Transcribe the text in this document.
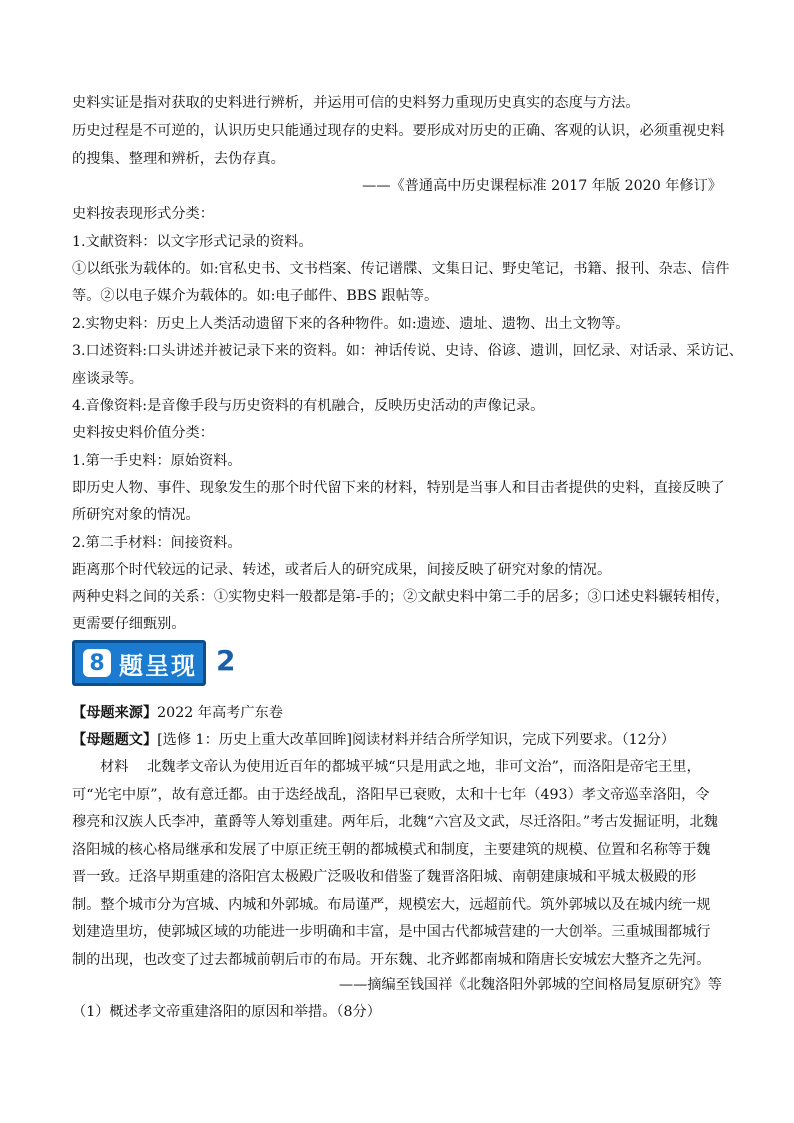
史料实证是指对获取的史料进行辨析，并运用可信的史料努力重现历史真实的态度与方法。
历史过程是不可逆的，认识历史只能通过现存的史料。要形成对历史的正确、客观的认识，必须重视史料
的搜集、整理和辨析，去伪存真。
——《普通高中历史课程标准 2017 年版 2020 年修订》
史料按表现形式分类：
1.文献资料：以文字形式记录的资料。
①以纸张为载体的。如:官私史书、文书档案、传记谱牒、文集日记、野史笔记，书籍、报刊、杂志、信件
等。②以电子媒介为载体的。如:电子邮件、BBS 跟帖等。
2.实物史料：历史上人类活动遗留下来的各种物件。如:遗迹、遗址、遗物、出土文物等。
3.口述资料:口头讲述并被记录下来的资料。如：神话传说、史诗、俗谚、遗训，回忆录、对话录、采访记、
座谈录等。
4.音像资料:是音像手段与历史资料的有机融合，反映历史活动的声像记录。
史料按史料价值分类：
1.第一手史料：原始资料。
即历史人物、事件、现象发生的那个时代留下来的材料，特别是当事人和目击者提供的史料，直接反映了
所研究对象的情况。
2.第二手材料：间接资料。
距离那个时代较远的记录、转述，或者后人的研究成果，间接反映了研究对象的情况。
两种史料之间的关系：①实物史料一般都是第-手的；②文献史料中第二手的居多；③口述史料辗转相传，
更需要仔细甄别。
8 题呈现 2
【母题来源】2022 年高考广东卷
【母题题文】[选修 1：历史上重大改革回眸]阅读材料并结合所学知识，完成下列要求。（12分）
材料　 北魏孝文帝认为使用近百年的都城平城“只是用武之地，非可文治”，而洛阳是帝宅王里，可“光宅中原”，故有意迁都。由于迭经战乱，洛阳早已衰败，太和十七年（493）孝文帝巡幸洛阳，令穆亮和汉族人氏李冲，董爵等人筹划重建。两年后，北魏“六宫及文武，尽迁洛阳。”考古发掘证明，北魏洛阳城的核心格局继承和发展了中原正统王朝的都城模式和制度，主要建筑的规模、位置和名称等于魏晋一致。迁洛早期重建的洛阳宫太极殿广泛吸收和借鉴了魏晋洛阳城、南朝建康城和平城太极殿的形制。整个城市分为宫城、内城和外郭城。布局谨严，规模宏大，远超前代。筑外郭城以及在城内统一规划建造里坊，使郭城区域的功能进一步明确和丰富，是中国古代都城营建的一大创举。三重城围都城行制的出现，也改变了过去都城前朝后市的布局。开东魏、北齐邺都南城和隋唐长安城宏大整齐之先河。
——摘编至钱国祥《北魏洛阳外郭城的空间格局复原研究》等
（1）概述孝文帝重建洛阳的原因和举措。（8分）
